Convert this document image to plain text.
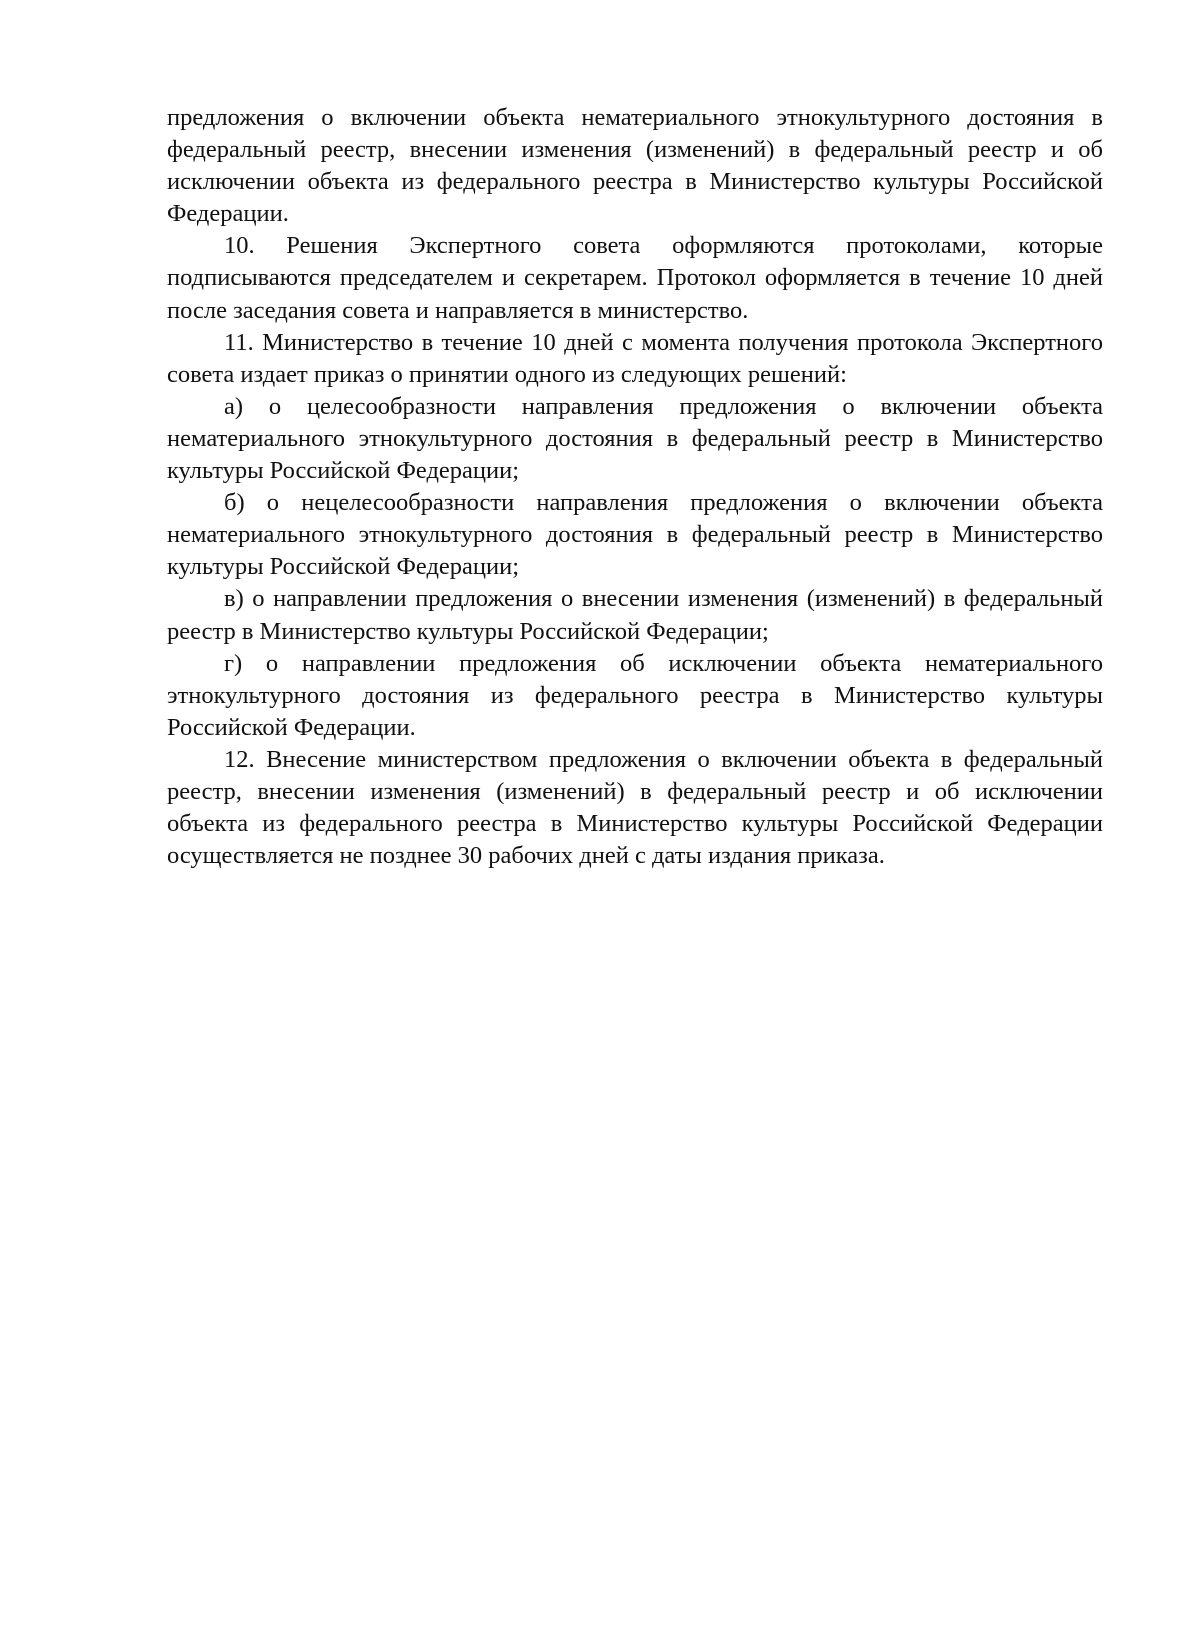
предложения о включении объекта нематериального этнокультурного достояния в федеральный реестр, внесении изменения (изменений) в федеральный реестр и об исключении объекта из федерального реестра в Министерство культуры Российской Федерации.

10. Решения Экспертного совета оформляются протоколами, которые подписываются председателем и секретарем. Протокол оформляется в течение 10 дней после заседания совета и направляется в министерство.

11. Министерство в течение 10 дней с момента получения протокола Экспертного совета издает приказ о принятии одного из следующих решений:

а) о целесообразности направления предложения о включении объекта нематериального этнокультурного достояния в федеральный реестр в Министерство культуры Российской Федерации;

б) о нецелесообразности направления предложения о включении объекта нематериального этнокультурного достояния в федеральный реестр в Министерство культуры Российской Федерации;

в) о направлении предложения о внесении изменения (изменений) в федеральный реестр в Министерство культуры Российской Федерации;

г) о направлении предложения об исключении объекта нематериального этнокультурного достояния из федерального реестра в Министерство культуры Российской Федерации.

12. Внесение министерством предложения о включении объекта в федеральный реестр, внесении изменения (изменений) в федеральный реестр и об исключении объекта из федерального реестра в Министерство культуры Российской Федерации осуществляется не позднее 30 рабочих дней с даты издания приказа.
